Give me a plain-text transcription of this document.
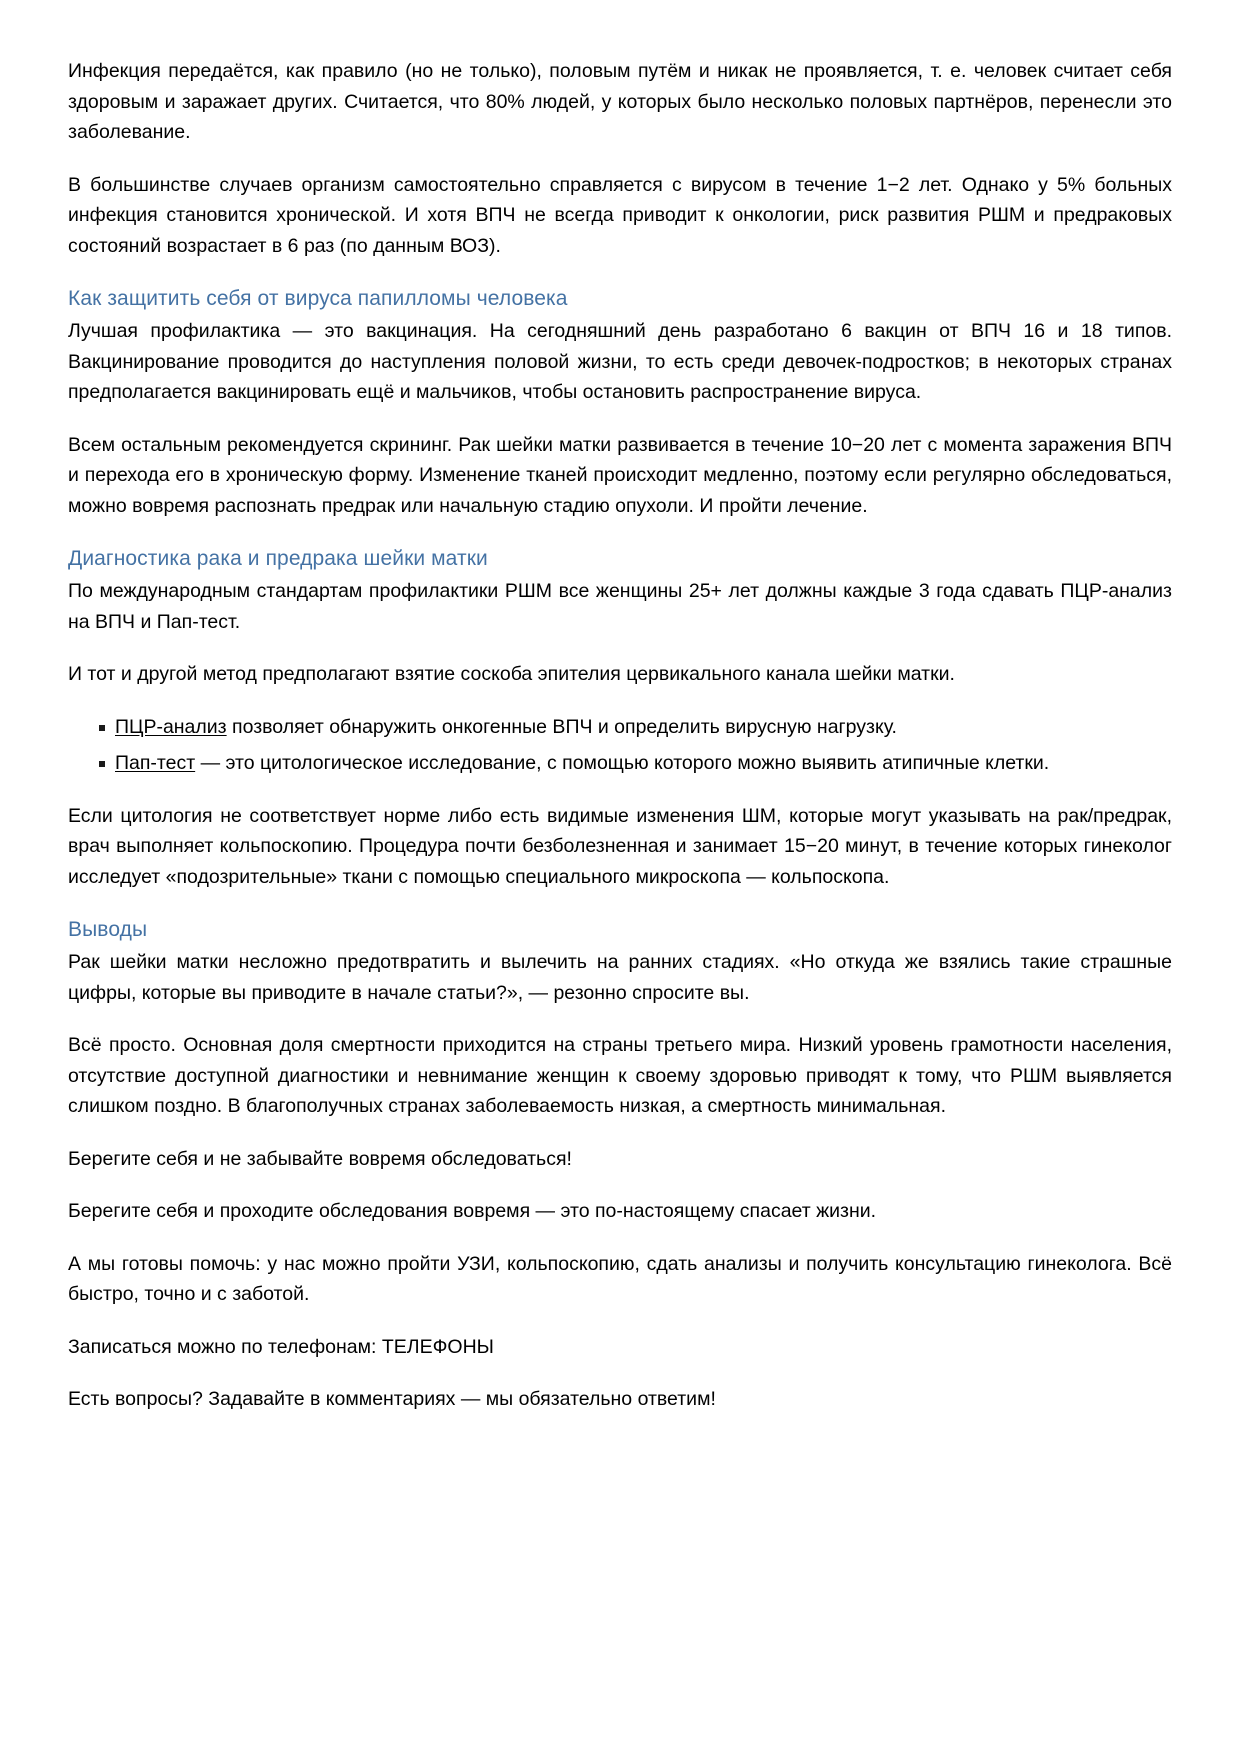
Инфекция передаётся, как правило (но не только), половым путём и никак не проявляется, т. е. человек считает себя здоровым и заражает других. Считается, что 80% людей, у которых было несколько половых партнёров, перенесли это заболевание.

В большинстве случаев организм самостоятельно справляется с вирусом в течение 1−2 лет. Однако у 5% больных инфекция становится хронической. И хотя ВПЧ не всегда приводит к онкологии, риск развития РШМ и предраковых состояний возрастает в 6 раз (по данным ВОЗ).

Как защитить себя от вируса папилломы человека

Лучшая профилактика — это вакцинация. На сегодняшний день разработано 6 вакцин от ВПЧ 16 и 18 типов. Вакцинирование проводится до наступления половой жизни, то есть среди девочек-подростков; в некоторых странах предполагается вакцинировать ещё и мальчиков, чтобы остановить распространение вируса.

Всем остальным рекомендуется скрининг. Рак шейки матки развивается в течение 10−20 лет с момента заражения ВПЧ и перехода его в хроническую форму. Изменение тканей происходит медленно, поэтому если регулярно обследоваться, можно вовремя распознать предрак или начальную стадию опухоли. И пройти лечение.

Диагностика рака и предрака шейки матки

По международным стандартам профилактики РШМ все женщины 25+ лет должны каждые 3 года сдавать ПЦР-анализ на ВПЧ и Пап-тест.

И тот и другой метод предполагают взятие соскоба эпителия цервикального канала шейки матки.

ПЦР-анализ позволяет обнаружить онкогенные ВПЧ и определить вирусную нагрузку.
Пап-тест — это цитологическое исследование, с помощью которого можно выявить атипичные клетки.

Если цитология не соответствует норме либо есть видимые изменения ШМ, которые могут указывать на рак/предрак, врач выполняет кольпоскопию. Процедура почти безболезненная и занимает 15−20 минут, в течение которых гинеколог исследует «подозрительные» ткани с помощью специального микроскопа — кольпоскопа.

Выводы

Рак шейки матки несложно предотвратить и вылечить на ранних стадиях. «Но откуда же взялись такие страшные цифры, которые вы приводите в начале статьи?», — резонно спросите вы.

Всё просто. Основная доля смертности приходится на страны третьего мира. Низкий уровень грамотности населения, отсутствие доступной диагностики и невнимание женщин к своему здоровью приводят к тому, что РШМ выявляется слишком поздно. В благополучных странах заболеваемость низкая, а смертность минимальная.

Берегите себя и не забывайте вовремя обследоваться!

Берегите себя и проходите обследования вовремя — это по-настоящему спасает жизни.

А мы готовы помочь: у нас можно пройти УЗИ, кольпоскопию, сдать анализы и получить консультацию гинеколога. Всё быстро, точно и с заботой.

Записаться можно по телефонам: ТЕЛЕФОНЫ

Есть вопросы? Задавайте в комментариях — мы обязательно ответим!
